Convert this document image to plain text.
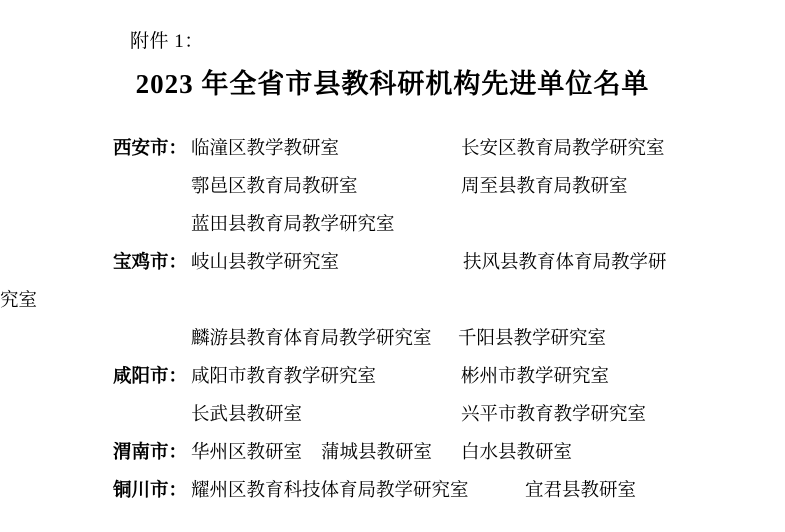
附件 1：
2023 年全省市县教科研机构先进单位名单
西安市： 临潼区教学教研室	长安区教育局教学研究室
鄠邑区教育局教研室	周至县教育局教研室
蓝田县教育局教学研究室
宝鸡市： 岐山县教学研究室	扶风县教育体育局教学研
究室
麟游县教育体育局教学研究室 千阳县教学研究室
咸阳市： 咸阳市教育教学研究室	彬州市教学研究室
长武县教研室	兴平市教育教学研究室
渭南市： 华州区教研室 蒲城县教研室 白水县教研室
铜川市： 耀州区教育科技体育局教学研究室	宜君县教研室
